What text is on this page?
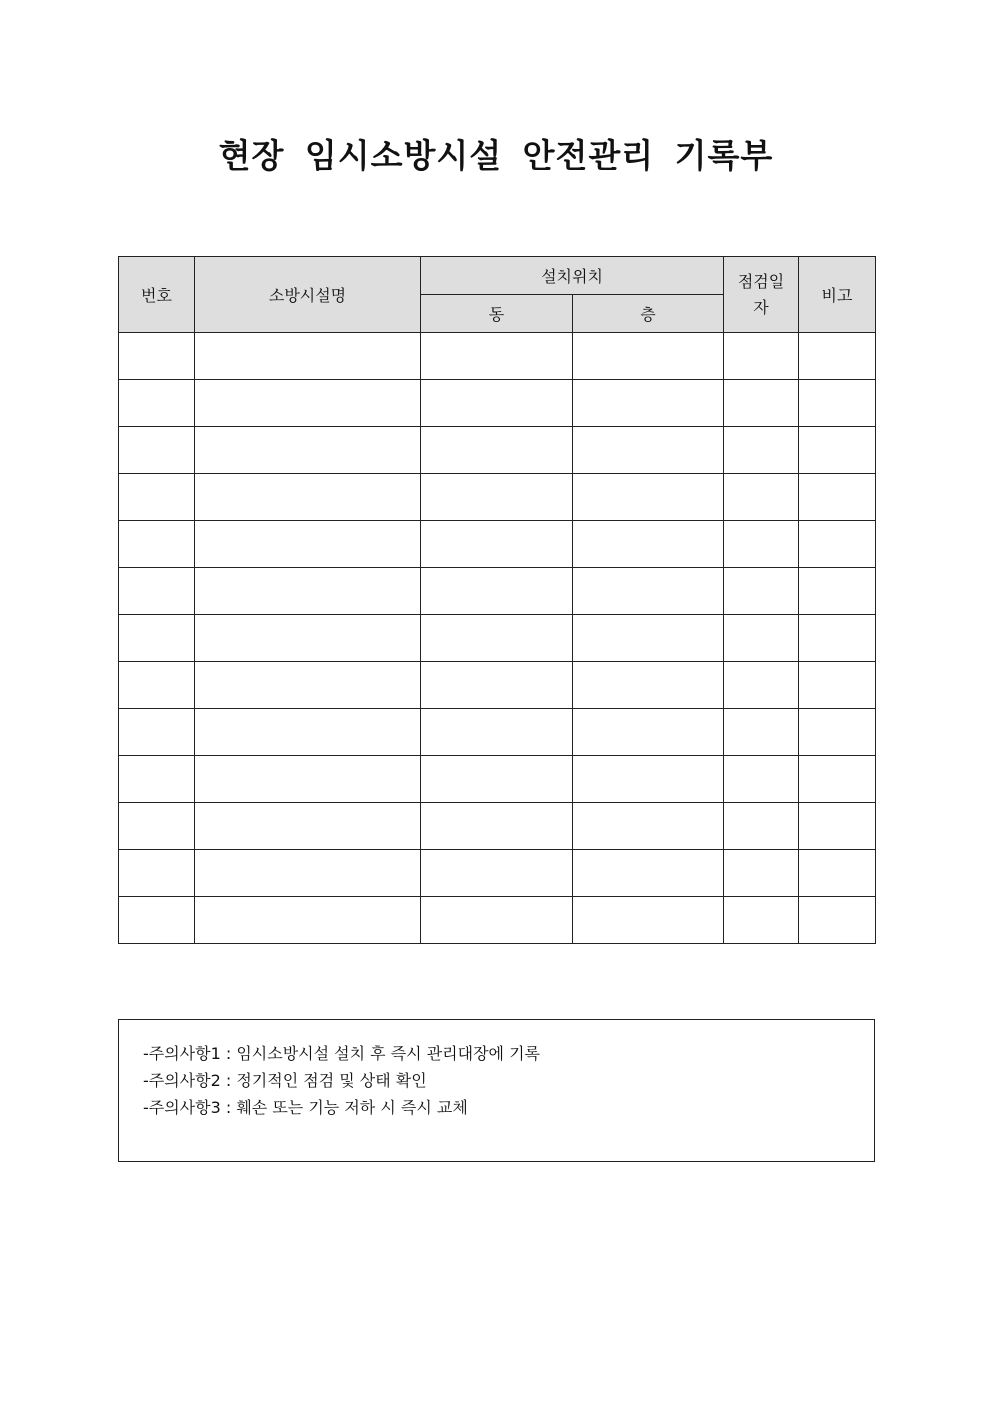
현장 임시소방시설 안전관리 기록부
번호	소방시설명	설치위치		점검일자	비고
		동	층		

-주의사항1 : 임시소방시설 설치 후 즉시 관리대장에 기록
-주의사항2 : 정기적인 점검 및 상태 확인
-주의사항3 : 훼손 또는 기능 저하 시 즉시 교체
